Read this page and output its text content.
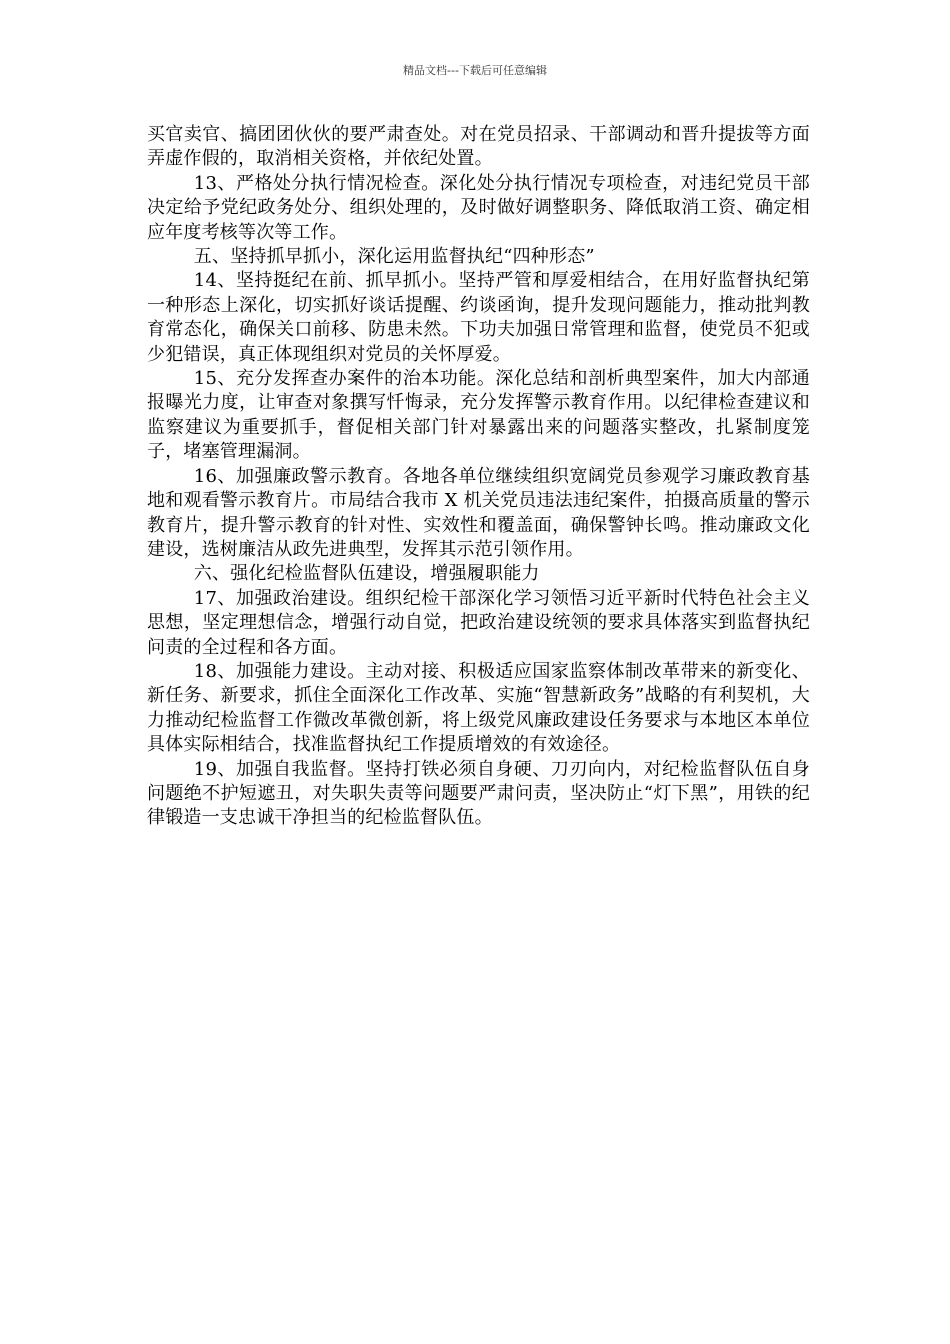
精品文档---下载后可任意编辑

买官卖官、搞团团伙伙的要严肃查处。对在党员招录、干部调动和晋升提拔等方面弄虚作假的，取消相关资格，并依纪处置。

13、严格处分执行情况检查。深化处分执行情况专项检查，对违纪党员干部决定给予党纪政务处分、组织处理的，及时做好调整职务、降低取消工资、确定相应年度考核等次等工作。

五、坚持抓早抓小，深化运用监督执纪“四种形态”

14、坚持挺纪在前、抓早抓小。坚持严管和厚爱相结合，在用好监督执纪第一种形态上深化，切实抓好谈话提醒、约谈函询，提升发现问题能力，推动批判教育常态化，确保关口前移、防患未然。下功夫加强日常管理和监督，使党员不犯或少犯错误，真正体现组织对党员的关怀厚爱。

15、充分发挥查办案件的治本功能。深化总结和剖析典型案件，加大内部通报曝光力度，让审查对象撰写忏悔录，充分发挥警示教育作用。以纪律检查建议和监察建议为重要抓手，督促相关部门针对暴露出来的问题落实整改，扎紧制度笼子，堵塞管理漏洞。

16、加强廉政警示教育。各地各单位继续组织宽阔党员参观学习廉政教育基地和观看警示教育片。市局结合我市 X 机关党员违法违纪案件，拍摄高质量的警示教育片，提升警示教育的针对性、实效性和覆盖面，确保警钟长鸣。推动廉政文化建设，选树廉洁从政先进典型，发挥其示范引领作用。

六、强化纪检监督队伍建设，增强履职能力

17、加强政治建设。组织纪检干部深化学习领悟习近平新时代特色社会主义思想，坚定理想信念，增强行动自觉，把政治建设统领的要求具体落实到监督执纪问责的全过程和各方面。

18、加强能力建设。主动对接、积极适应国家监察体制改革带来的新变化、新任务、新要求，抓住全面深化工作改革、实施“智慧新政务”战略的有利契机，大力推动纪检监督工作微改革微创新，将上级党风廉政建设任务要求与本地区本单位具体实际相结合，找准监督执纪工作提质增效的有效途径。

19、加强自我监督。坚持打铁必须自身硬、刀刃向内，对纪检监督队伍自身问题绝不护短遮丑，对失职失责等问题要严肃问责，坚决防止“灯下黑”，用铁的纪律锻造一支忠诚干净担当的纪检监督队伍。
